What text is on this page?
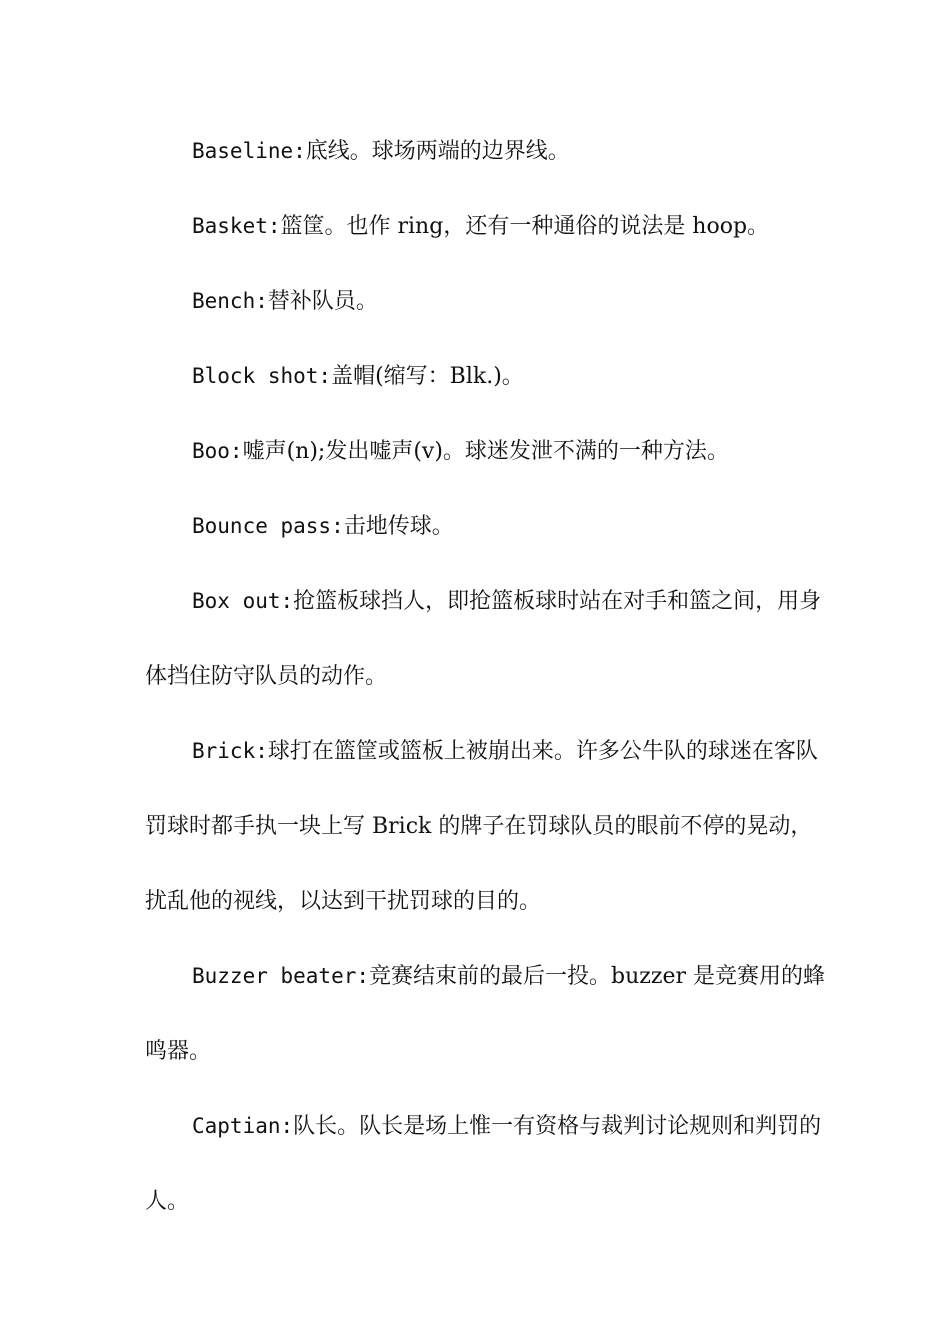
Baseline:底线。球场两端的边界线。

Basket:篮筐。也作 ring，还有一种通俗的说法是 hoop。

Bench:替补队员。

Block shot:盖帽(缩写：Blk.)。

Boo:嘘声(n);发出嘘声(v)。球迷发泄不满的一种方法。

Bounce pass:击地传球。

Box out:抢篮板球挡人，即抢篮板球时站在对手和篮之间，用身体挡住防守队员的动作。

Brick:球打在篮筐或篮板上被崩出来。许多公牛队的球迷在客队罚球时都手执一块上写 Brick 的牌子在罚球队员的眼前不停的晃动，扰乱他的视线，以达到干扰罚球的目的。

Buzzer beater:竞赛结束前的最后一投。buzzer 是竞赛用的蜂鸣器。

Captian:队长。队长是场上惟一有资格与裁判讨论规则和判罚的人。
